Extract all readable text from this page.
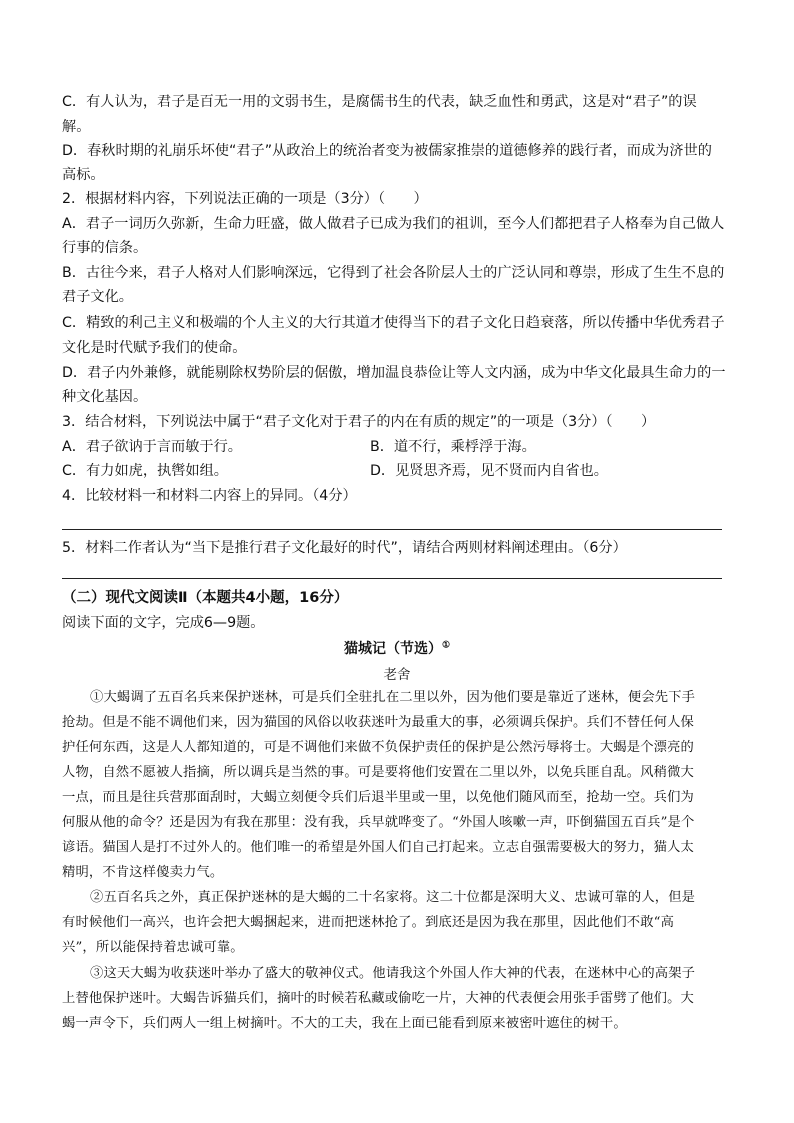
C．有人认为，君子是百无一用的文弱书生，是腐儒书生的代表，缺乏血性和勇武，这是对“君子”的误
解。
D．春秋时期的礼崩乐坏使“君子”从政治上的统治者变为被儒家推崇的道德修养的践行者，而成为济世的
高标。
2．根据材料内容，下列说法正确的一项是（3分）（　　）
A．君子一词历久弥新，生命力旺盛，做人做君子已成为我们的祖训，至今人们都把君子人格奉为自己做人
行事的信条。
B．古往今来，君子人格对人们影响深远，它得到了社会各阶层人士的广泛认同和尊崇，形成了生生不息的
君子文化。
C．精致的利己主义和极端的个人主义的大行其道才使得当下的君子文化日趋衰落，所以传播中华优秀君子
文化是时代赋予我们的使命。
D．君子内外兼修，就能剔除权势阶层的倨傲，增加温良恭俭让等人文内涵，成为中华文化最具生命力的一
种文化基因。
3．结合材料，下列说法中属于“君子文化对于君子的内在有质的规定”的一项是（3分）（　　）
A．君子欲讷于言而敏于行。	B．道不行，乘桴浮于海。
C．有力如虎，执辔如组。	D．见贤思齐焉，见不贤而内自省也。
4．比较材料一和材料二内容上的异同。（4分）
5．材料二作者认为“当下是推行君子文化最好的时代”，请结合两则材料阐述理由。（6分）
（二）现代文阅读Ⅱ（本题共4小题，16分）
阅读下面的文字，完成6—9题。
猫城记（节选）①
老舍
①大蝎调了五百名兵来保护迷林，可是兵们全驻扎在二里以外，因为他们要是靠近了迷林，便会先下手
抢劫。但是不能不调他们来，因为猫国的风俗以收获迷叶为最重大的事，必须调兵保护。兵们不替任何人保
护任何东西，这是人人都知道的，可是不调他们来做不负保护责任的保护是公然污辱将士。大蝎是个漂亮的
人物，自然不愿被人指摘，所以调兵是当然的事。可是要将他们安置在二里以外，以免兵匪自乱。风稍微大
一点，而且是往兵营那面刮时，大蝎立刻便令兵们后退半里或一里，以免他们随风而至，抢劫一空。兵们为
何服从他的命令？还是因为有我在那里：没有我，兵早就哗变了。“外国人咳嗽一声，吓倒猫国五百兵”是个
谚语。猫国人是打不过外人的。他们唯一的希望是外国人们自己打起来。立志自强需要极大的努力，猫人太
精明，不肯这样傻卖力气。
②五百名兵之外，真正保护迷林的是大蝎的二十名家将。这二十位都是深明大义、忠诚可靠的人，但是
有时候他们一高兴，也许会把大蝎捆起来，进而把迷林抢了。到底还是因为我在那里，因此他们不敢“高
兴”，所以能保持着忠诚可靠。
③这天大蝎为收获迷叶举办了盛大的敬神仪式。他请我这个外国人作大神的代表，在迷林中心的高架子
上替他保护迷叶。大蝎告诉猫兵们，摘叶的时候若私藏或偷吃一片，大神的代表便会用张手雷劈了他们。大
蝎一声令下，兵们两人一组上树摘叶。不大的工夫，我在上面已能看到原来被密叶遮住的树干。
